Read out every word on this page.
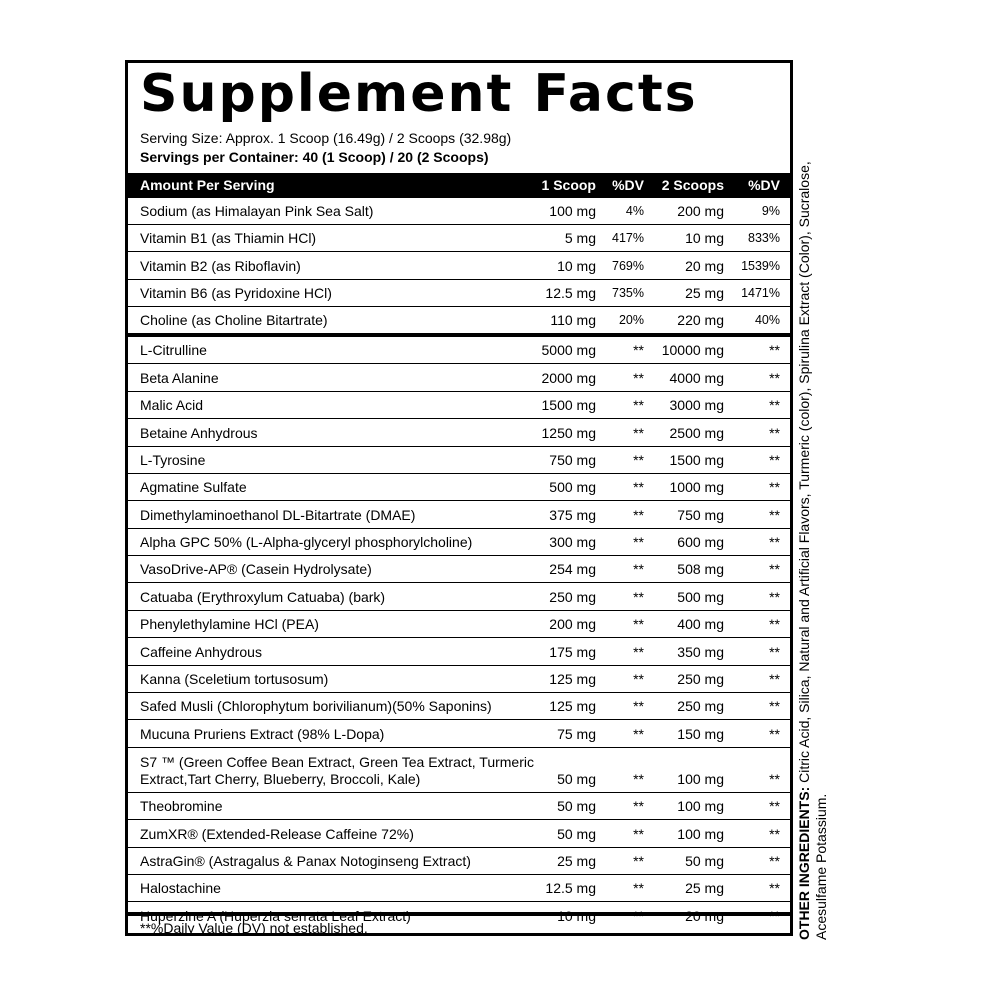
Supplement Facts
Serving Size: Approx. 1 Scoop (16.49g) / 2 Scoops (32.98g)
Servings per Container: 40 (1 Scoop) / 20 (2 Scoops)
Amount Per Serving	1 Scoop %DV 2 Scoops %DV
Sodium (as Himalayan Pink Sea Salt)	100 mg 4% 200 mg	9%
Vitamin B1 (as Thiamin HCl)	5 mg 417%	10 mg 833%
Vitamin B2 (as Riboflavin)	10 mg 769%	20 mg 1539%
Vitamin B6 (as Pyridoxine HCl)	12.5 mg 735%	25 mg 1471%
Choline (as Choline Bitartrate)	110 mg 20% 220 mg 40%
L-Citrulline	5000 mg	** 10000 mg	**
Beta Alanine	2000 mg	** 4000 mg	**
Malic Acid	1500 mg	** 3000 mg	**
Betaine Anhydrous	1250 mg	** 2500 mg	**
L-Tyrosine	750 mg	** 1500 mg	**
Agmatine Sulfate	500 mg	** 1000 mg	**
Dimethylaminoethanol DL-Bitartrate (DMAE)	375 mg	** 750 mg	**
Alpha GPC 50% (L-Alpha-glyceryl phosphorylcholine)	300 mg	** 600 mg	**
VasoDrive-AP® (Casein Hydrolysate)	254 mg	** 508 mg	**
Catuaba (Erythroxylum Catuaba) (bark)	250 mg	** 500 mg	**
Phenylethylamine HCl (PEA)	200 mg	** 400 mg	**
Caffeine Anhydrous	175 mg	** 350 mg	**
Kanna (Sceletium tortusosum)	125 mg	** 250 mg	**
Safed Musli (Chlorophytum borivilianum)(50% Saponins)	125 mg	** 250 mg	**
Mucuna Pruriens Extract (98% L-Dopa)	75 mg	** 150 mg	**
S7 ™ (Green Coffee Bean Extract, Green Tea Extract, Turmeric Extract,Tart Cherry, Blueberry, Broccoli, Kale)	50 mg	** 100 mg	**
Theobromine	50 mg	** 100 mg	**
ZumXR® (Extended-Release Caffeine 72%)	50 mg	** 100 mg	**
AstraGin® (Astragalus & Panax Notoginseng Extract)	25 mg	**	50 mg	**
Halostachine	12.5 mg	**	25 mg	**
Huperzine A (Huperzia serrata Leaf Extract)	10 mg	**	20 mg	**
**%Daily Value (DV) not established.	OTHER INGREDIENTS: Citric Acid, Silica, Natural and Artificial Flavors, Turmeric (color), Spirulina Extract (Color), Sucralose, Acesulfame Potassium.
